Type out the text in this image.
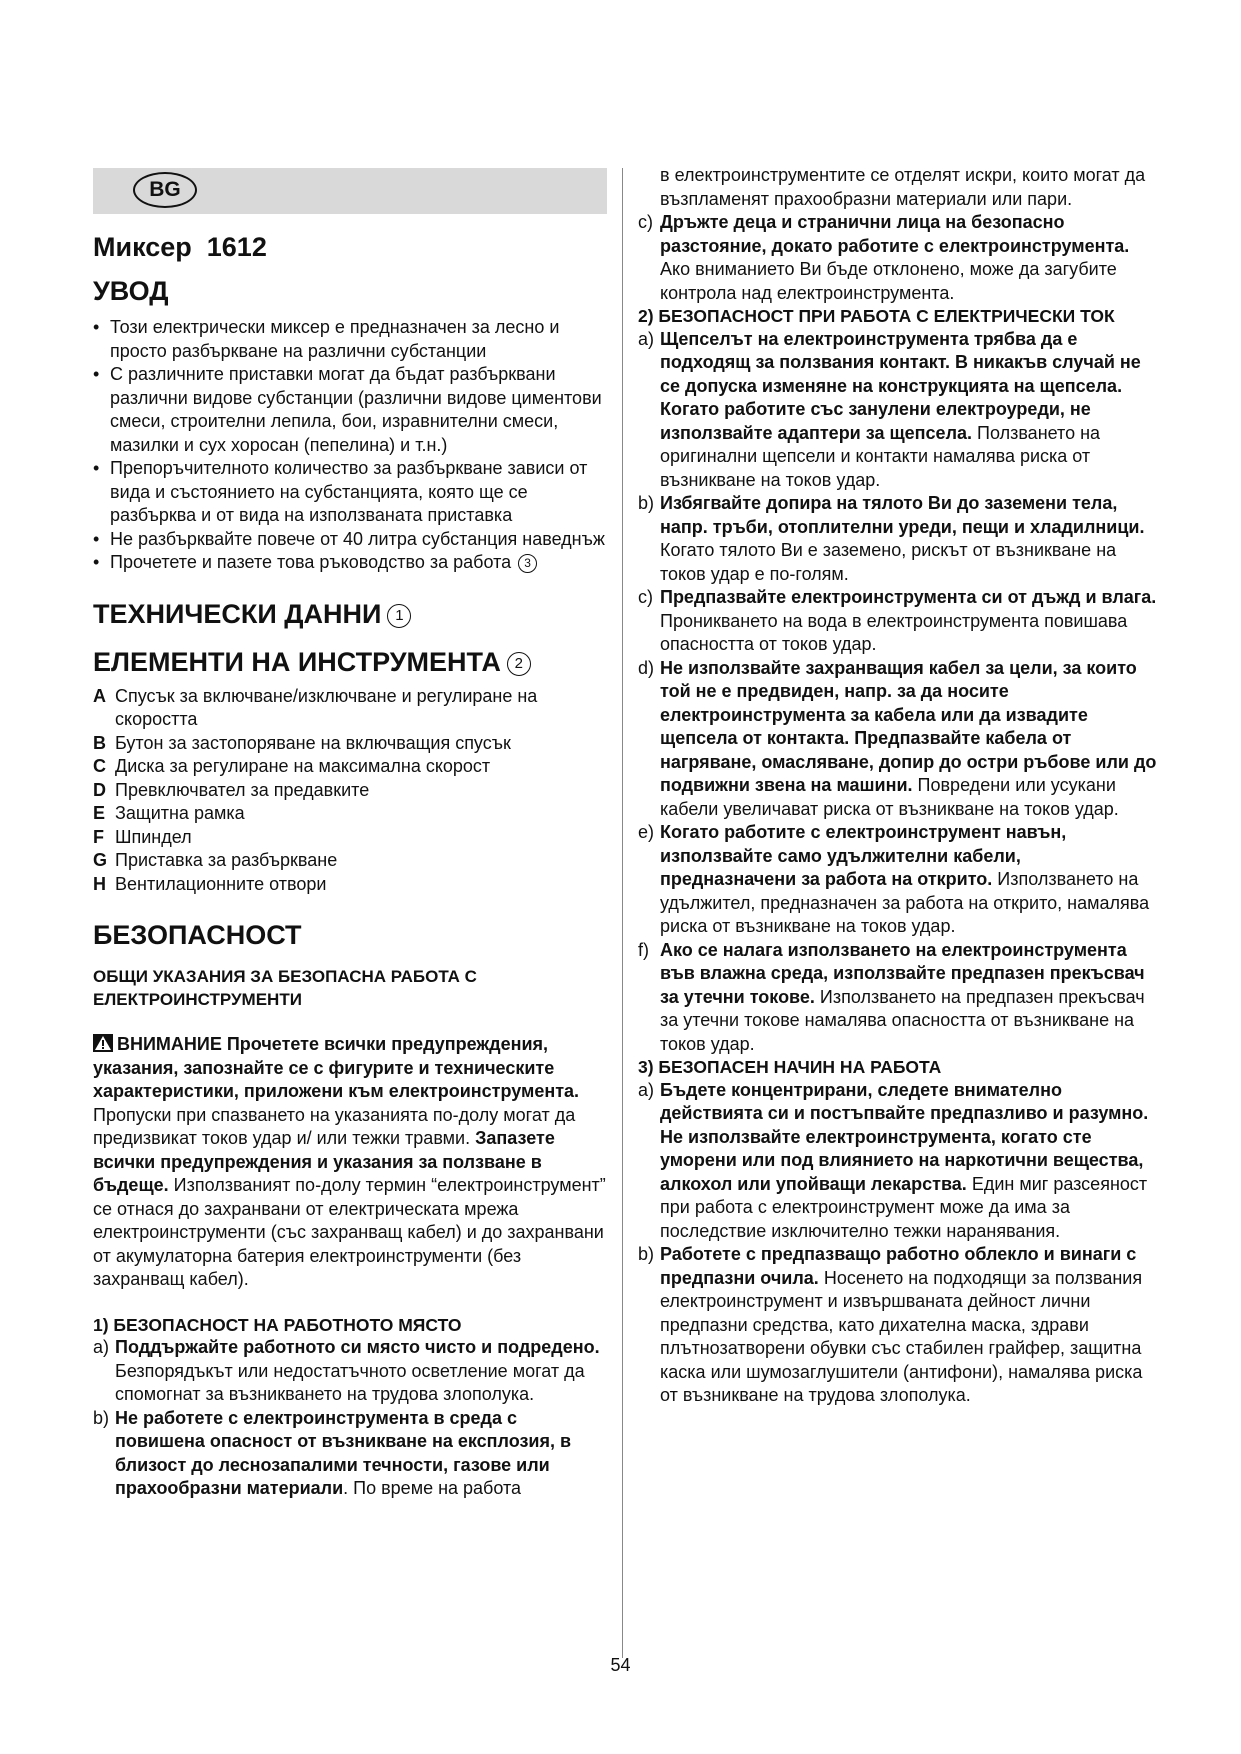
BG
Миксер  1612
УВОД
• Този електрически миксер е предназначен за лесно и просто разбъркване на различни субстанции
• С различните приставки могат да бъдат разбърквани различни видове субстанции (различни видове циментови смеси, строителни лепила, бои, изравнителни смеси, мазилки и сух хоросан (пепелина) и т.н.)
• Препоръчителното количество за разбъркване зависи от вида и състоянието на субстанцията, която ще се разбърква и от вида на използваната приставка
• Не разбърквайте повече от 40 литра субстанция наведнъж
• Прочетете и пазете това ръководство за работа 3
ТЕХНИЧЕСКИ ДАННИ 1
ЕЛЕМЕНТИ НА ИНСТРУМЕНТА 2
A Спусък за включване/изключване и регулиране на скоростта
B Бутон за застопоряване на включващия спусък
C Диска за регулиране на максимална скорост
D Превключвател за предавките
E Защитна рамка
F Шпиндел
G Приставка за разбъркване
H Вентилационните отвори
БЕЗОПАСНОСТ

ОБЩИ УКАЗАНИЯ ЗА БЕЗОПАСНА РАБОТА С ЕЛЕКТРОИНСТРУМЕНТИ

ВНИМАНИЕ Прочетете всички предупреждения, указания, запознайте се с фигурите и техническите характеристики, приложени към електроинструмента. Пропуски при спазването на указанията по-долу могат да предизвикат токов удар и/ или тежки травми. Запазете всички предупреждения и указания за ползване в бъдеще. Използваният по-долу термин “електроинструмент” се отнася до захранвани от електрическата мрежа електроинструменти (със захранващ кабел) и до захранвани от акумулаторна батерия електроинструменти (без захранващ кабел).

1) БЕЗОПАСНОСТ НА РАБОТНОТО МЯСТО

a) Поддържайте работното си място чисто и подредено. Безпорядъкът или недостатъчното осветление могат да спомогнат за възникването на трудова злополука.
b) Не работете с електроинструмента в среда с повишена опасност от възникване на експлозия, в близост до леснозапалими течности, газове или прахообразни материали. По време на работа
в електроинструментите се отделят искри, които могат да възпламенят прахообразни материали или пари.
c) Дръжте деца и странични лица на безопасно разстояние, докато работите с електроинструмента. Ако вниманието Ви бъде отклонено, може да загубите контрола над електроинструмента.

2) БЕЗОПАСНОСТ ПРИ РАБОТА С ЕЛЕКТРИЧЕСКИ ТОК

a) Щепселът на електроинструмента трябва да е подходящ за ползвания контакт. В никакъв случай не се допуска изменяне на конструкцията на щепсела. Когато работите със занулени електроуреди, не използвайте адаптери за щепсела. Ползването на оригинални щепсели и контакти намалява риска от възникване на токов удар.
b) Избягвайте допира на тялото Ви до заземени тела, напр. тръби, отоплителни уреди, пещи и хладилници. Когато тялото Ви е заземено, рискът от възникване на токов удар е по-голям.
c) Предпазвайте електроинструмента си от дъжд и влага. Проникването на вода в електроинструмента повишава опасността от токов удар.
d) Не използвайте захранващия кабел за цели, за които той не е предвиден, напр. за да носите електроинструмента за кабела или да извадите щепсела от контакта. Предпазвайте кабела от нагряване, омасляване, допир до остри ръбове или до подвижни звена на машини. Повредени или усукани кабели увеличават риска от възникване на токов удар.
e) Когато работите с електроинструмент навън, използвайте само удължителни кабели, предназначени за работа на открито. Използването на удължител, предназначен за работа на открито, намалява риска от възникване на токов удар.
f) Ако се налага използването на електроинструмента във влажна среда, използвайте предпазен прекъсвач за утечни токове. Използването на предпазен прекъсвач за утечни токове намалява опасността от възникване на токов удар.

3) БЕЗОПАСЕН НАЧИН НА РАБОТА

a) Бъдете концентрирани, следете внимателно действията си и постъпвайте предпазливо и разумно. Не използвайте електроинструмента, когато сте уморени или под влиянието на наркотични вещества, алкохол или упойващи лекарства. Един миг разсеяност при работа с електроинструмент може да има за последствие изключително тежки наранявания.
b) Работете с предпазващо работно облекло и винаги с предпазни очила. Носенето на подходящи за ползвания електроинструмент и извършваната дейност лични предпазни средства, като дихателна маска, здрави плътнозатворени обувки със стабилен грайфер, защитна каска или шумозаглушители (антифони), намалява риска от възникване на трудова злополука.
54
